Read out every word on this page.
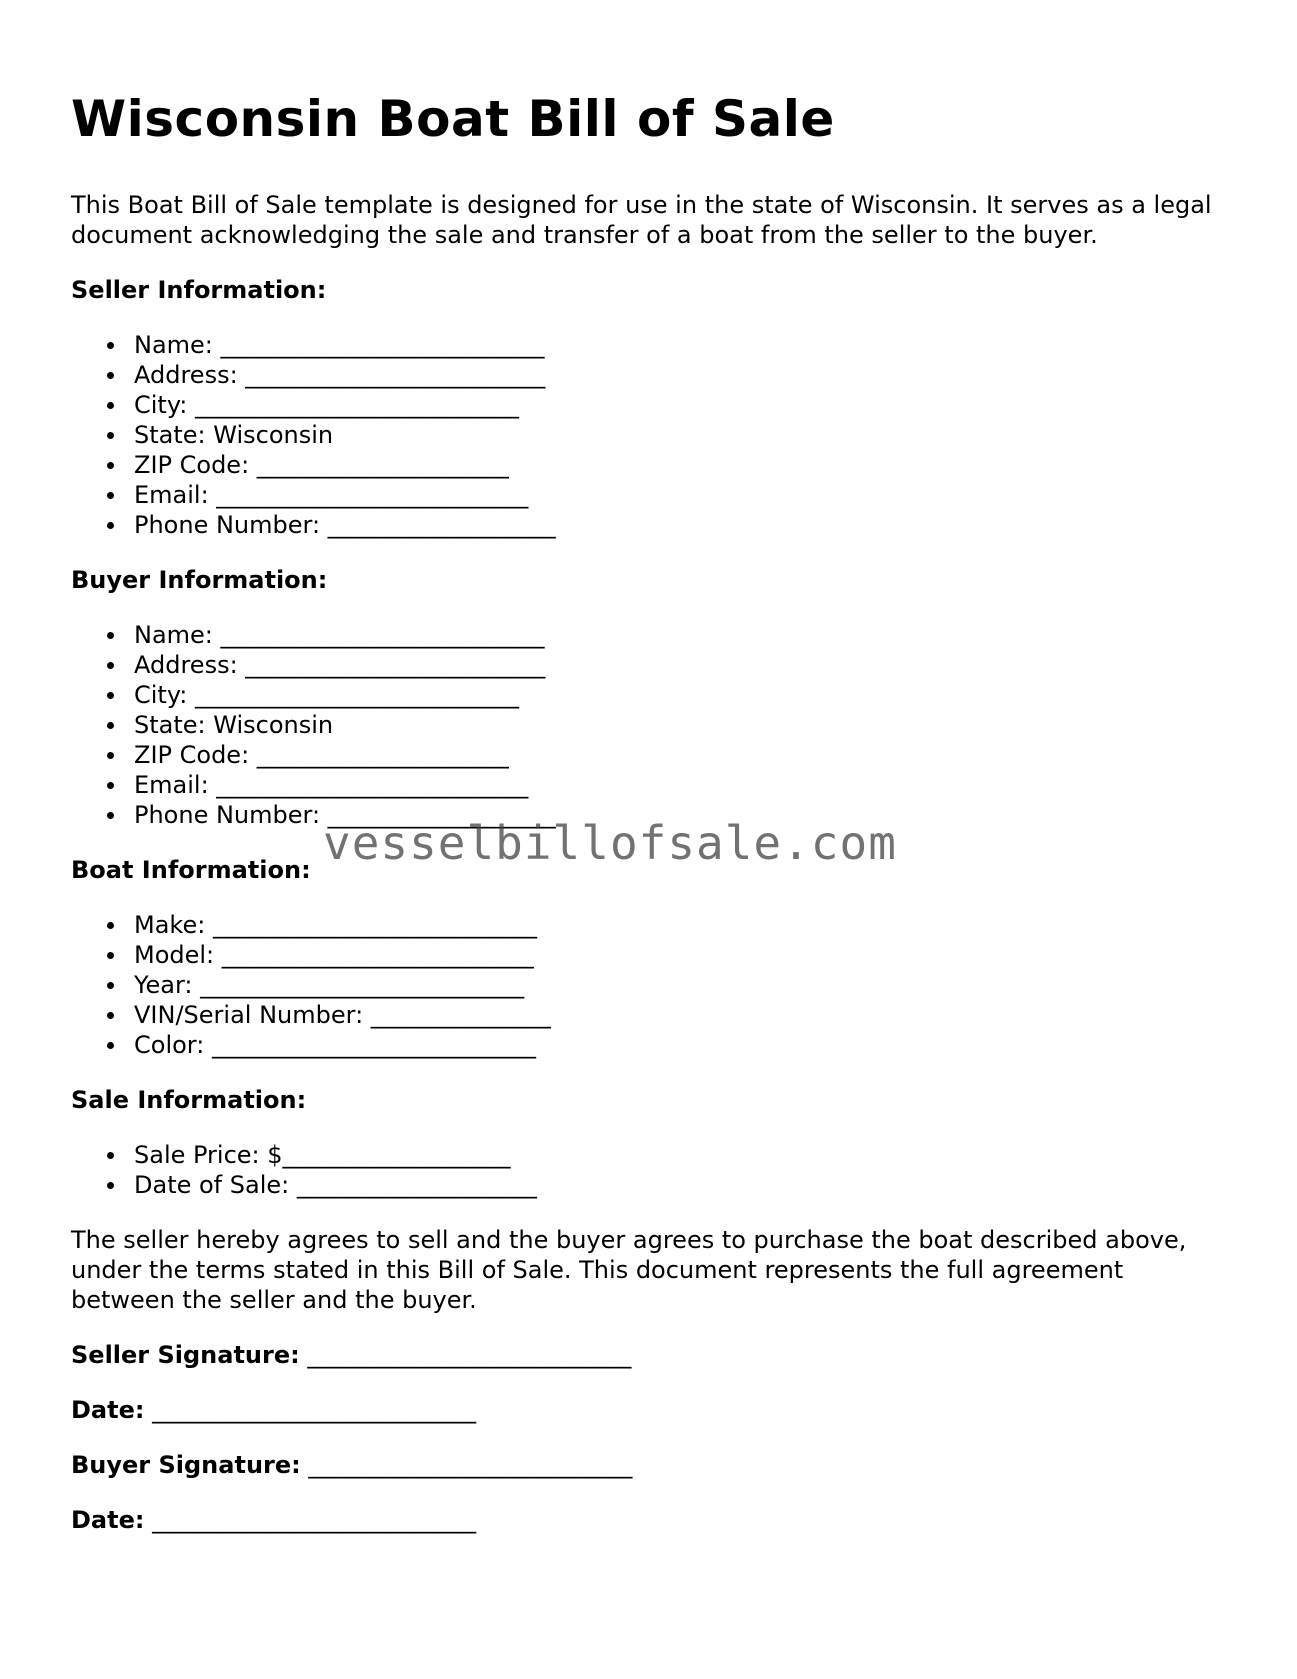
Wisconsin Boat Bill of Sale

This Boat Bill of Sale template is designed for use in the state of Wisconsin. It serves as a legal document acknowledging the sale and transfer of a boat from the seller to the buyer.

Seller Information:

Name: ___________________________
Address: _________________________
City: ___________________________
State: Wisconsin
ZIP Code: _____________________
Email: __________________________
Phone Number: ___________________

Buyer Information:

Name: ___________________________
Address: _________________________
City: ___________________________
State: Wisconsin
ZIP Code: _____________________
Email: __________________________
Phone Number: ___________________

Boat Information:

Make: ___________________________
Model: __________________________
Year: ___________________________
VIN/Serial Number: _______________
Color: ___________________________

Sale Information:

Sale Price: $___________________
Date of Sale: ____________________

The seller hereby agrees to sell and the buyer agrees to purchase the boat described above, under the terms stated in this Bill of Sale. This document represents the full agreement between the seller and the buyer.

Seller Signature: ___________________________

Date: ___________________________

Buyer Signature: ___________________________

Date: ___________________________

vesselbillofsale.com
